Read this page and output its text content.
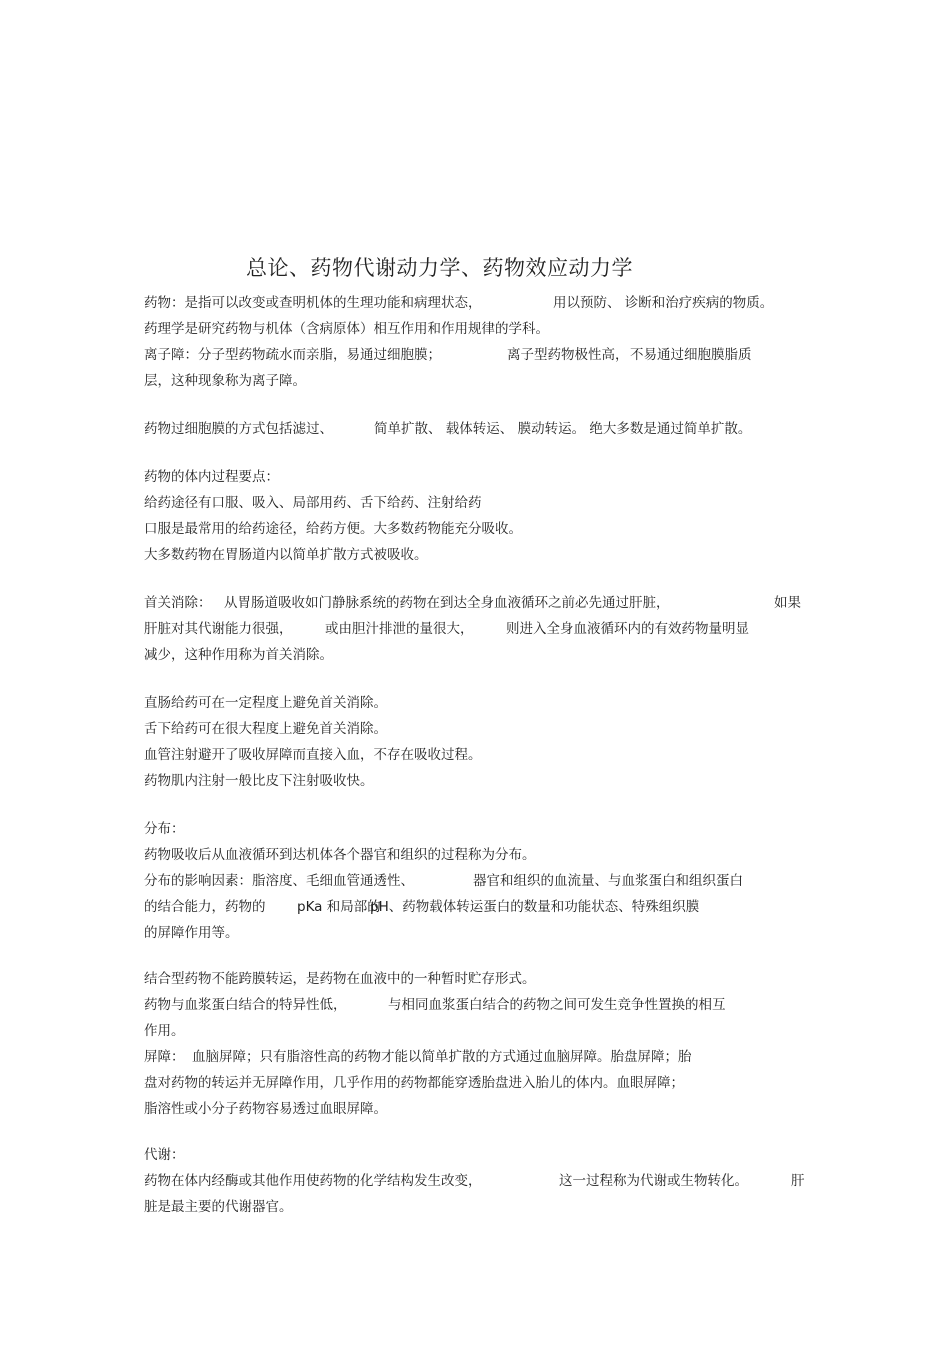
总论、药物代谢动力学、药物效应动力学
药物：是指可以改变或查明机体的生理功能和病理状态，	用以预防、 诊断和治疗疾病的物质。
药理学是研究药物与机体（含病原体）相互作用和作用规律的学科。
离子障：分子型药物疏水而亲脂，易通过细胞膜；	离子型药物极性高， 不易通过细胞膜脂质
层，这种现象称为离子障。
药物过细胞膜的方式包括滤过、	简单扩散、 载体转运、 膜动转运。 绝大多数是通过简单扩散。
药物的体内过程要点：
给药途径有口服、吸入、局部用药、舌下给药、注射给药
口服是最常用的给药途径，给药方便。大多数药物能充分吸收。
大多数药物在胃肠道内以简单扩散方式被吸收。
首关消除： 从胃肠道吸收如门静脉系统的药物在到达全身血液循环之前必先通过肝脏，	如果
肝脏对其代谢能力很强， 或由胆汁排泄的量很大， 则进入全身血液循环内的有效药物量明显
减少，这种作用称为首关消除。
直肠给药可在一定程度上避免首关消除。
舌下给药可在很大程度上避免首关消除。
血管注射避开了吸收屏障而直接入血，不存在吸收过程。
药物肌内注射一般比皮下注射吸收快。
分布：
药物吸收后从血液循环到达机体各个器官和组织的过程称为分布。
分布的影响因素：脂溶度、毛细血管通透性、	器官和组织的血流量、与血浆蛋白和组织蛋白
的结合能力，药物的 pKa 和局部的
pH、药物载体转运蛋白的数量和功能状态、特殊组织膜
的屏障作用等。
结合型药物不能跨膜转运，是药物在血液中的一种暂时贮存形式。
药物与血浆蛋白结合的特异性低，	与相同血浆蛋白结合的药物之间可发生竞争性置换的相互
作用。
屏障： 血脑屏障；只有脂溶性高的药物才能以简单扩散的方式通过血脑屏障。胎盘屏障；胎
盘对药物的转运并无屏障作用，几乎作用的药物都能穿透胎盘进入胎儿的体内。血眼屏障；
脂溶性或小分子药物容易透过血眼屏障。
代谢：
药物在体内经酶或其他作用使药物的化学结构发生改变，	这一过程称为代谢或生物转化。	肝
脏是最主要的代谢器官。
